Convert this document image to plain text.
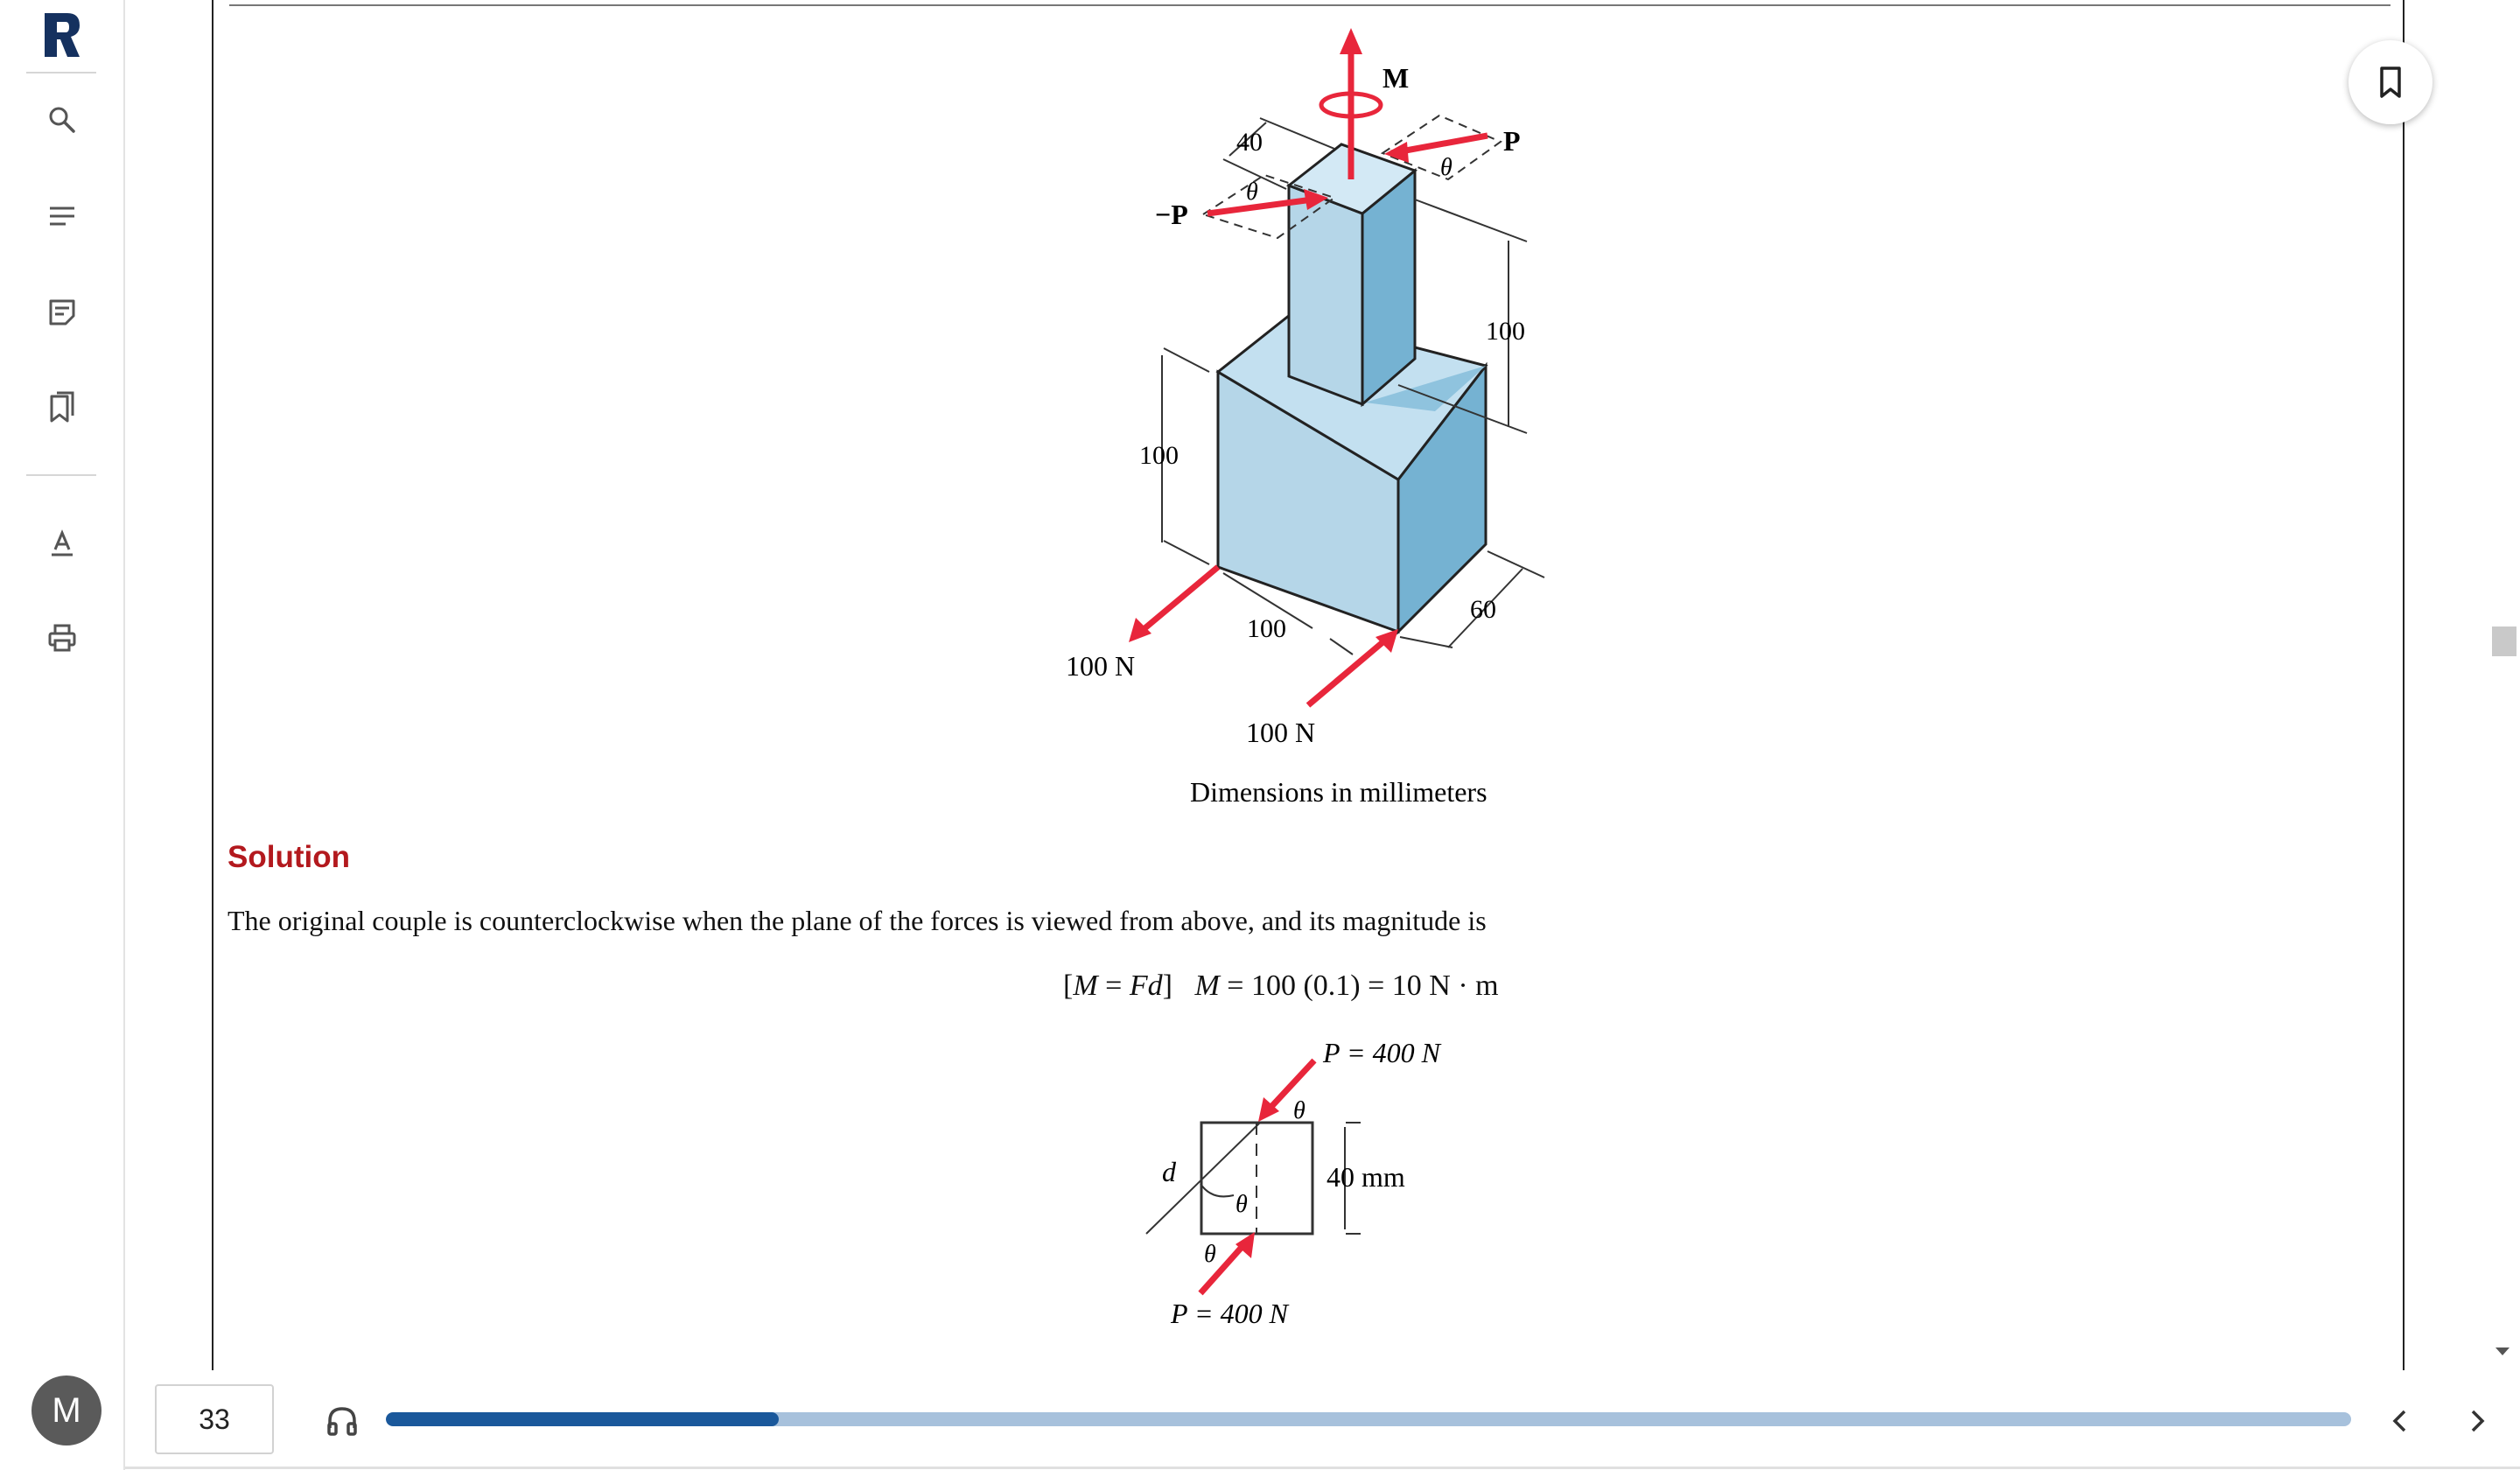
M
M
P
−P
40
θ
θ
100
100
100
60
100 N
100 N
Dimensions in millimeters
Solution
The original couple is counterclockwise when the plane of the forces is viewed from above, and its magnitude is
[M = Fd] M = 100 (0.1) = 10 N · m
P = 400 N
P = 400 N
40 mm
d
θ
θ
θ
33
